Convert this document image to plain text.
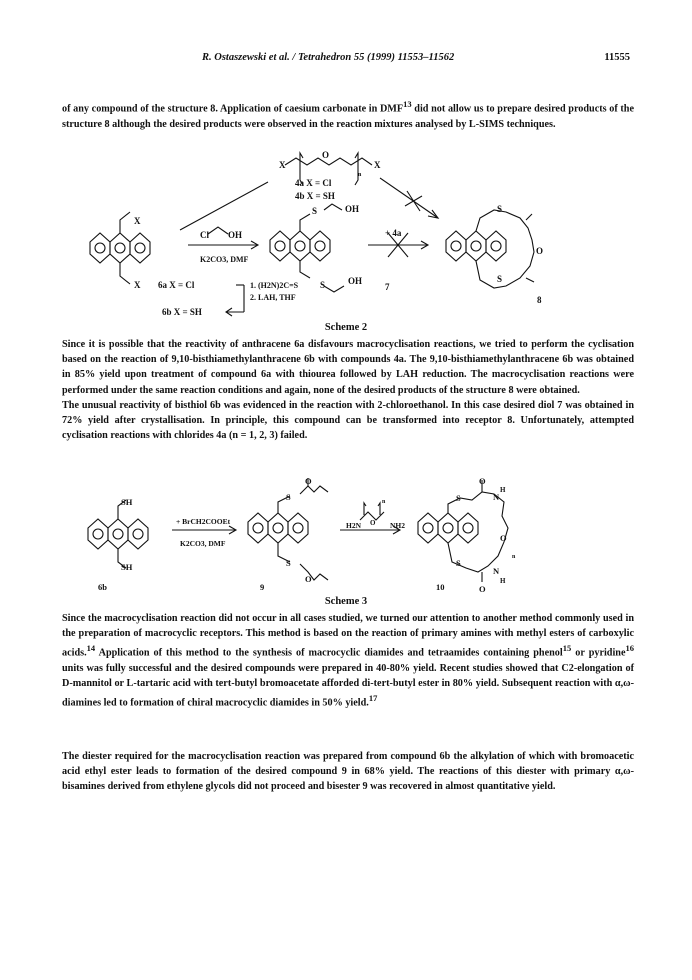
R. Ostaszewski et al. / Tetrahedron 55 (1999) 11553–11562	11555

of any compound of the structure 8. Application of caesium carbonate in DMF$^{13}$ did not allow us to prepare desired products of the structure 8 although the desired products were observed in the reaction mixtures analysed by L-SIMS techniques.

X	X
O
n
4a X = Cl
4b X = SH
X
X
Cl OH
K2CO3, DMF
S	OH
S	OH
+ 4a
7
S
S
O
8
6a X = Cl
6b X = SH
1. (H2N)2C=S
2. LAH, THF
Scheme 2

Since it is possible that the reactivity of anthracene 6a disfavours macrocyclisation reactions, we tried to perform the cyclisation based on the reaction of 9,10-bisthiamethylanthracene 6b with compounds 4a. The 9,10-bisthiamethylanthracene 6b was obtained in 85% yield upon treatment of compound 6a with thiourea followed by LAH reduction. The macrocyclisation reactions were performed under the same reaction conditions and again, none of the desired products of the structure 8 were obtained.

The unusual reactivity of bisthiol 6b was evidenced in the reaction with 2-chloroethanol. In this case desired diol 7 was obtained in 72% yield after crystallisation. In principle, this compound can be transformed into receptor 8. Unfortunately, attempted cyclisation reactions with chlorides 4a (n = 1, 2, 3) failed.

SH
SH
6b
+ BrCH2COOEt
K2CO3, DMF
S
S
O
O
9
H2N	NH2
O
n	S
S
O
O
N
H
N
H
O
n
10
Scheme 3

Since the macrocyclisation reaction did not occur in all cases studied, we turned our attention to another method commonly used in the preparation of macrocyclic receptors. This method is based on the reaction of primary amines with methyl esters of carboxylic acids.$^{14}$ Application of this method to the synthesis of macrocyclic diamides and tetraamides containing phenol$^{15}$ or pyridine$^{16}$ units was fully successful and the desired compounds were prepared in 40-80% yield. Recent studies showed that C2-elongation of D-mannitol or L-tartaric acid with tert-butyl bromoacetate afforded di-tert-butyl ester in 80% yield. Subsequent reaction with α,ω-diamines led to formation of chiral macrocyclic diamides in 50% yield.$^{17}$

The diester required for the macrocyclisation reaction was prepared from compound 6b the alkylation of which with bromoacetic acid ethyl ester leads to formation of the desired compound 9 in 68% yield. The reactions of this diester with primary α,ω-bisamines derived from ethylene glycols did not proceed and bisester 9 was recovered in almost quantitative yield.
